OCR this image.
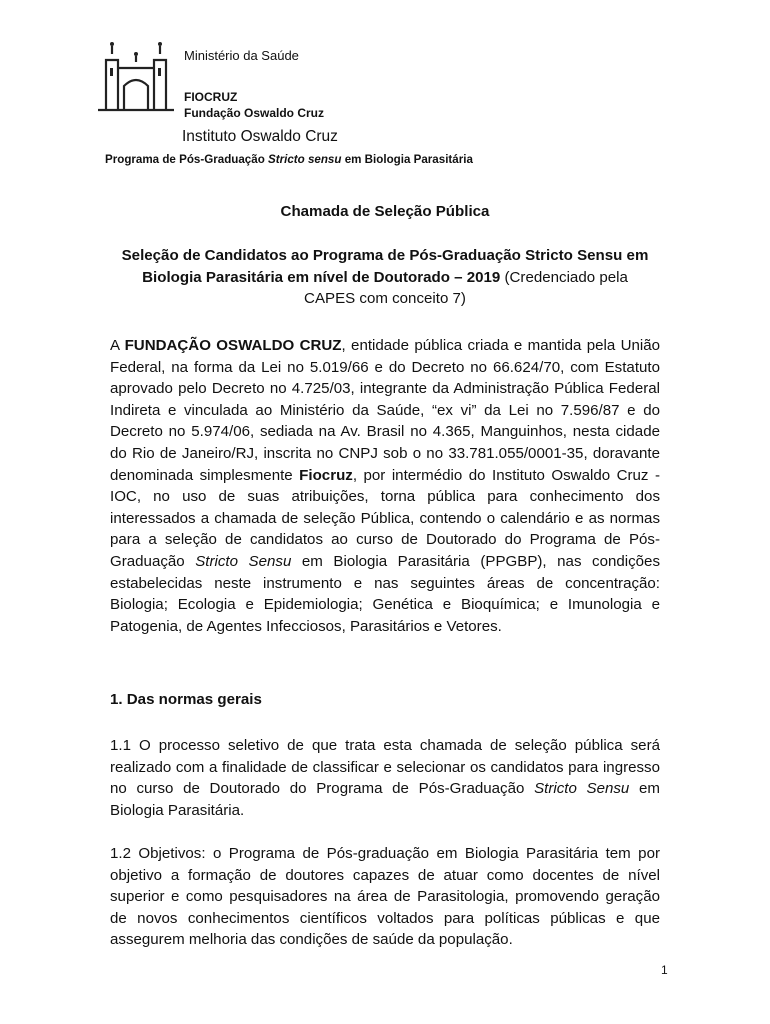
Ministério da Saúde
FIOCRUZ
Fundação Oswaldo Cruz
Instituto Oswaldo Cruz
Programa de Pós-Graduação Stricto sensu em Biologia Parasitária
Chamada de Seleção Pública
Seleção de Candidatos ao Programa de Pós-Graduação Stricto Sensu em
Biologia Parasitária em nível de Doutorado – 2019 (Credenciado pela
CAPES com conceito 7)
A FUNDAÇÃO OSWALDO CRUZ, entidade pública criada e mantida pela União Federal, na forma da Lei no 5.019/66 e do Decreto no 66.624/70, com Estatuto aprovado pelo Decreto no 4.725/03, integrante da Administração Pública Federal Indireta e vinculada ao Ministério da Saúde, “ex vi” da Lei no 7.596/87 e do Decreto no 5.974/06, sediada na Av. Brasil no 4.365, Manguinhos, nesta cidade do Rio de Janeiro/RJ, inscrita no CNPJ sob o no 33.781.055/0001-35, doravante denominada simplesmente Fiocruz, por intermédio do Instituto Oswaldo Cruz - IOC, no uso de suas atribuições, torna pública para conhecimento dos interessados a chamada de seleção Pública, contendo o calendário e as normas para a seleção de candidatos ao curso de Doutorado do Programa de Pós-Graduação Stricto Sensu em Biologia Parasitária (PPGBP), nas condições estabelecidas neste instrumento e nas seguintes áreas de concentração: Biologia; Ecologia e Epidemiologia; Genética e Bioquímica; e Imunologia e Patogenia, de Agentes Infecciosos, Parasitários e Vetores.
1. Das normas gerais
1.1 O processo seletivo de que trata esta chamada de seleção pública será realizado com a finalidade de classificar e selecionar os candidatos para ingresso no curso de Doutorado do Programa de Pós-Graduação Stricto Sensu em Biologia Parasitária.
1.2 Objetivos: o Programa de Pós-graduação em Biologia Parasitária tem por objetivo a formação de doutores capazes de atuar como docentes de nível superior e como pesquisadores na área de Parasitologia, promovendo geração de novos conhecimentos científicos voltados para políticas públicas e que assegurem melhoria das condições de saúde da população.
1
